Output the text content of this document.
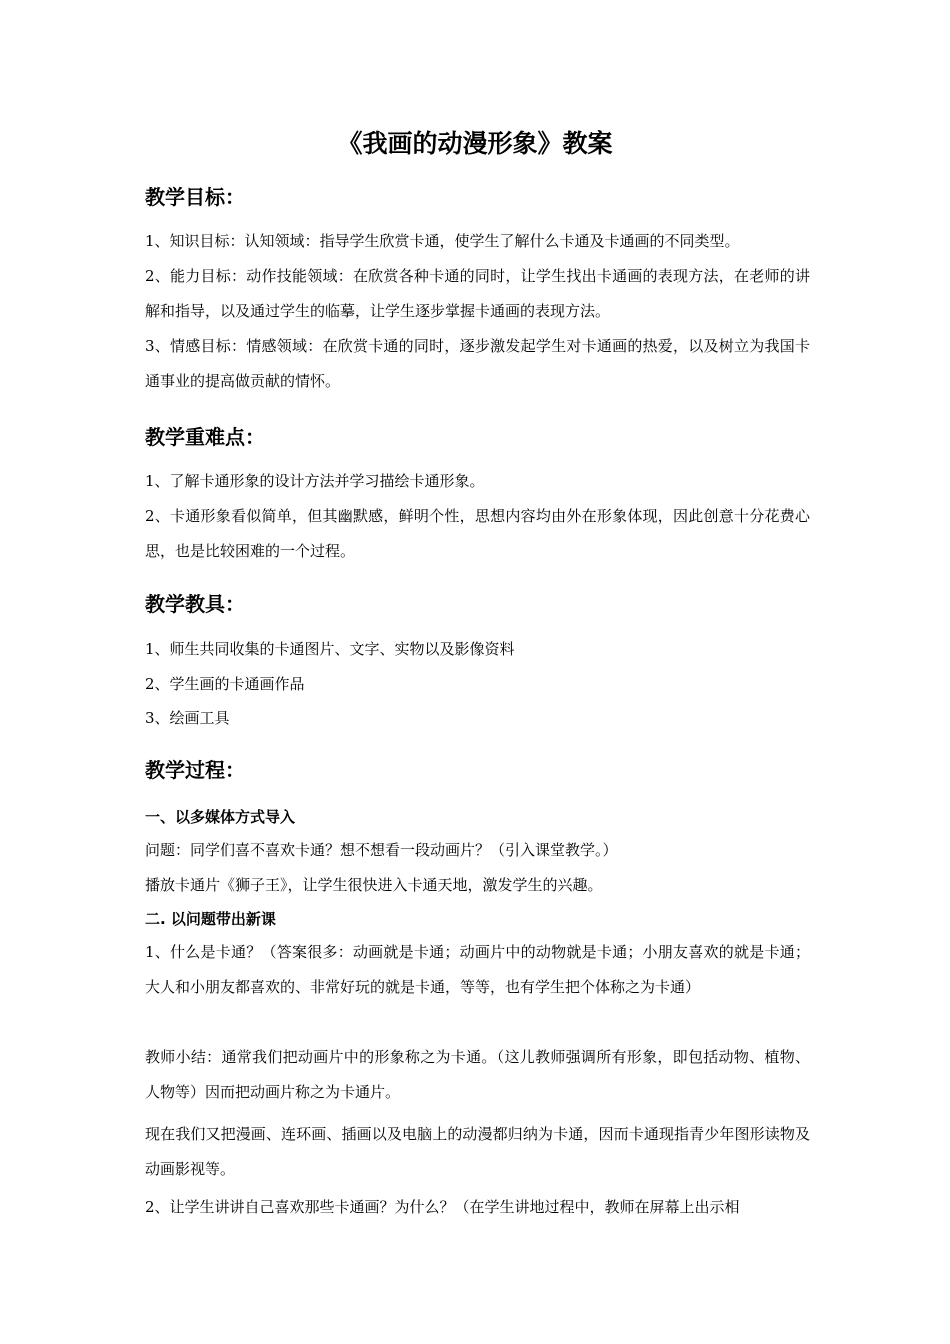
《我画的动漫形象》教案
教学目标：
1、知识目标：认知领域：指导学生欣赏卡通，使学生了解什么卡通及卡通画的不同类型。
2、能力目标：动作技能领域：在欣赏各种卡通的同时，让学生找出卡通画的表现方法，在老师的讲解和指导，以及通过学生的临摹，让学生逐步掌握卡通画的表现方法。
3、情感目标：情感领域：在欣赏卡通的同时，逐步激发起学生对卡通画的热爱，以及树立为我国卡通事业的提高做贡献的情怀。
教学重难点：
1、了解卡通形象的设计方法并学习描绘卡通形象。
2、卡通形象看似简单，但其幽默感，鲜明个性，思想内容均由外在形象体现，因此创意十分花费心思，也是比较困难的一个过程。
教学教具：
1、师生共同收集的卡通图片、文字、实物以及影像资料
2、学生画的卡通画作品
3、绘画工具
教学过程：
一、以多媒体方式导入
问题：同学们喜不喜欢卡通？想不想看一段动画片？（引入课堂教学。）
播放卡通片《狮子王》，让学生很快进入卡通天地，激发学生的兴趣。
二. 以问题带出新课
1、什么是卡通？（答案很多：动画就是卡通；动画片中的动物就是卡通；小朋友喜欢的就是卡通；大人和小朋友都喜欢的、非常好玩的就是卡通，等等，也有学生把个体称之为卡通）
教师小结：通常我们把动画片中的形象称之为卡通。（这儿教师强调所有形象，即包括动物、植物、人物等）因而把动画片称之为卡通片。
现在我们又把漫画、连环画、插画以及电脑上的动漫都归纳为卡通，因而卡通现指青少年图形读物及动画影视等。
2、让学生讲讲自己喜欢那些卡通画？为什么？（在学生讲地过程中，教师在屏幕上出示相
